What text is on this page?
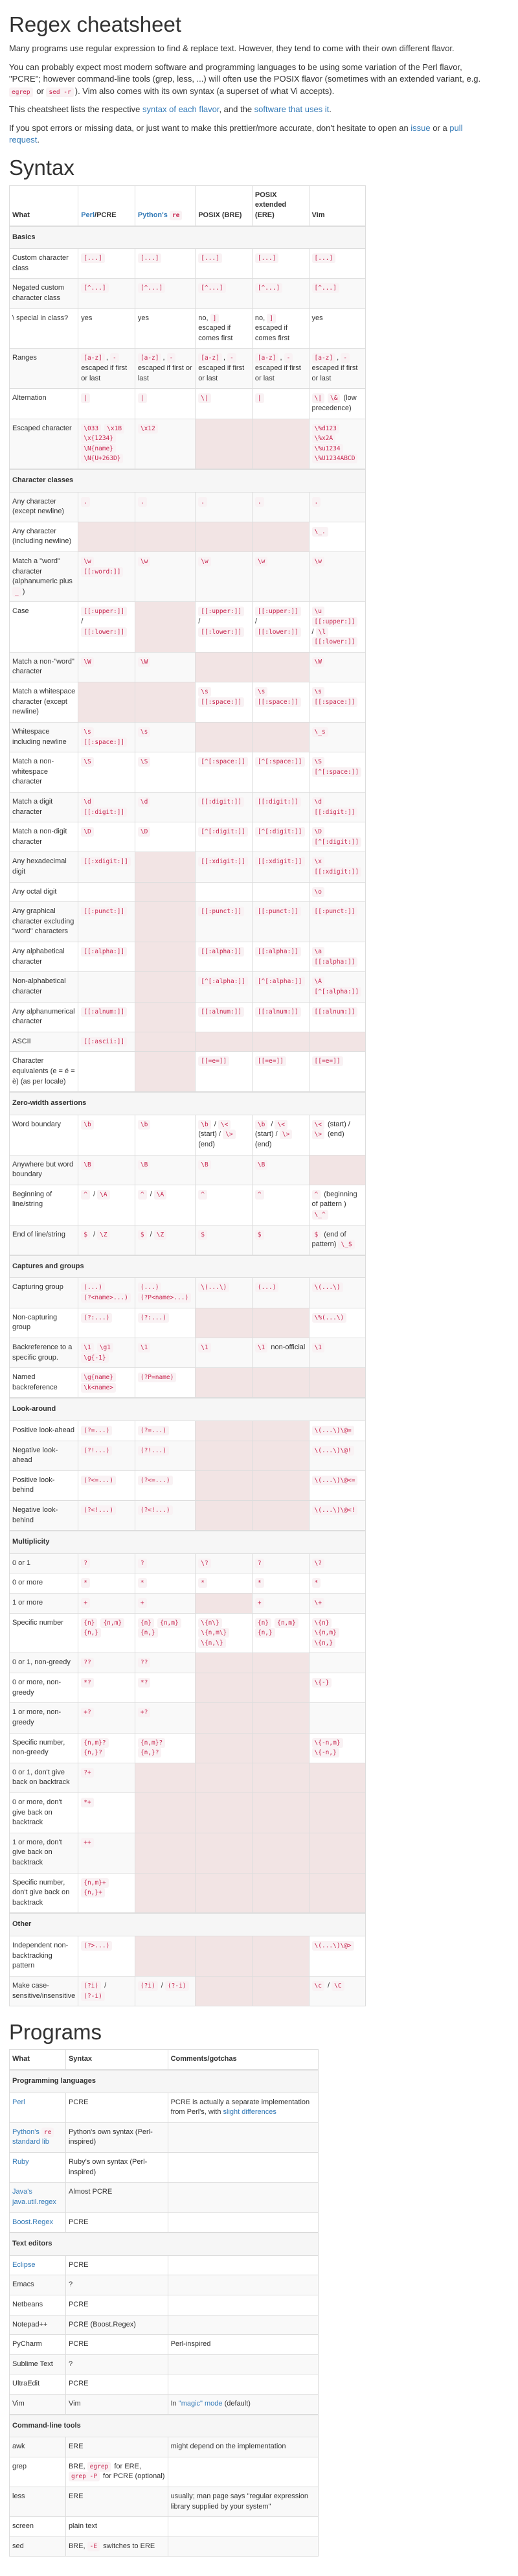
Regex cheatsheet

Many programs use regular expression to find & replace text. However, they tend to come with their own different flavor.

You can probably expect most modern software and programming languages to be using some variation of the Perl flavor, "PCRE"; however command-line tools (grep, less, ...) will often use the POSIX flavor (sometimes with an extended variant, e.g. egrep or sed -r ). Vim also comes with its own syntax (a superset of what Vi accepts).

This cheatsheet lists the respective syntax of each flavor, and the software that uses it.

If you spot errors or missing data, or just want to make this prettier/more accurate, don't hesitate to open an issue or a pull request.

Syntax
What	Perl/PCRE	Python's re	POSIX (BRE)	POSIX extended (ERE)	Vim
Basics					
Custom character class	[...]	[...]	[...]	[...]	[...]
Negated custom character class	[^...]	[^...]	[^...]	[^...]	[^...]
\ special in class?	yes	yes	no, ] escaped if comes first	no, ] escaped if comes first	yes
Ranges	[a-z] , - escaped if first or last	[a-z] , - escaped if first or last	[a-z] , - escaped if first or last	[a-z] , - escaped if first or last	[a-z] , - escaped if first or last
Alternation	|	|	\|	|	\| \& (low precedence)
Escaped character	\033 \x1B \x{1234} \N{name} \N{U+263D}	\x12			\%d123 \%x2A \%u1234 \%U1234ABCD
Character classes					
Any character (except newline)	.	.	.	.	.
Any character (including newline)					\_.
Match a "word" character (alphanumeric plus _ )	\w [[:word:]]	\w	\w	\w	\w
Case	[[:upper:]] / [[:lower:]]		[[:upper:]] / [[:lower:]]	[[:upper:]] / [[:lower:]]	\u [[:upper:]] / \l [[:lower:]]
Match a non-"word" character	\W	\W			\W
Match a whitespace character (except newline)			\s [[:space:]]	\s [[:space:]]	\s [[:space:]]
Whitespace including newline	\s [[:space:]]	\s			\_s
Match a non-whitespace character	\S	\S	[^[:space:]]	[^[:space:]]	\S [^[:space:]]
Match a digit character	\d [[:digit:]]	\d	[[:digit:]]	[[:digit:]]	\d [[:digit:]]
Match a non-digit character	\D	\D	[^[:digit:]]	[^[:digit:]]	\D [^[:digit:]]
Any hexadecimal digit	[[:xdigit:]]		[[:xdigit:]]	[[:xdigit:]]	\x [[:xdigit:]]
Any octal digit					\o
Any graphical character excluding "word" characters	[[:punct:]]		[[:punct:]]	[[:punct:]]	[[:punct:]]
Any alphabetical character	[[:alpha:]]		[[:alpha:]]	[[:alpha:]]	\a [[:alpha:]]
Non-alphabetical character			[^[:alpha:]]	[^[:alpha:]]	\A [^[:alpha:]]
Any alphanumerical character	[[:alnum:]]		[[:alnum:]]	[[:alnum:]]	[[:alnum:]]
ASCII	[[:ascii:]]				
Character equivalents (e = é = è) (as per locale)			[[=e=]]	[[=e=]]	[[=e=]]
Zero-width assertions					
Word boundary	\b	\b	\b / \< (start) / \> (end)	\b / \< (start) / \> (end)	\< (start) / \> (end)
Anywhere but word boundary	\B	\B	\B	\B	
Beginning of line/string	^ / \A	^ / \A	^	^	^ (beginning of pattern ) \_^
End of line/string	$ / \Z	$ / \Z	$	$	$ (end of pattern) \_$
Captures and groups					
Capturing group	(...) (?<name>...)	(...) (?P<name>...)	\(...\)	(...)	\(...\)
Non-capturing group	(?:...)	(?:...)			\%(...\)
Backreference to a specific group.	\1 \g1 \g{-1}	\1	\1	\1 non-official	\1
Named backreference	\g{name} \k<name>	(?P=name)			
Look-around					
Positive look-ahead	(?=...)	(?=...)			\(...\)\@=
Negative look-ahead	(?!...)	(?!...)			\(...\)\@!
Positive look-behind	(?<=...)	(?<=...)			\(...\)\@<=
Negative look-behind	(?<!...)	(?<!...)			\(...\)\@<!
Multiplicity					
0 or 1	?	?	\?	?	\?
0 or more	*	*	*	*	*
1 or more	+	+		+	\+
Specific number	{n} {n,m} {n,}	{n} {n,m} {n,}	\{n\} \{n,m\} \{n,\}	{n} {n,m} {n,}	\{n} \{n,m} \{n,}
0 or 1, non-greedy	??	??			
0 or more, non-greedy	*?	*?			\{-}
1 or more, non-greedy	+?	+?			
Specific number, non-greedy	{n,m}? {n,}?	{n,m}? {n,}?			\{-n,m} \{-n,}
0 or 1, don't give back on backtrack	?+				
0 or more, don't give back on backtrack	*+				
1 or more, don't give back on backtrack	++				
Specific number, don't give back on backtrack	{n,m}+ {n,}+				
Other					
Independent non-backtracking pattern	(?>...)				\(...\)\@>
Make case-sensitive/insensitive	(?i) / (?-i)	(?i) / (?-i)			\c / \C
Programs
What	Syntax	Comments/gotchas
Programming languages		
Perl	PCRE	PCRE is actually a separate implementation from Perl's, with slight differences
Python's re standard lib	Python's own syntax (Perl-inspired)	
Ruby	Ruby's own syntax (Perl-inspired)	
Java's java.util.regex	Almost PCRE	
Boost.Regex	PCRE	
Text editors		
Eclipse	PCRE	
Emacs	?	
Netbeans	PCRE	
Notepad++	PCRE (Boost.Regex)	
PyCharm	PCRE	Perl-inspired
Sublime Text	?	
UltraEdit	PCRE	
Vim	Vim	In "magic" mode (default)
Command-line tools		
awk	ERE	might depend on the implementation
grep	BRE, egrep for ERE, grep -P for PCRE (optional)	
less	ERE	usually; man page says "regular expression library supplied by your system"
screen	plain text	
sed	BRE, -E switches to ERE	
